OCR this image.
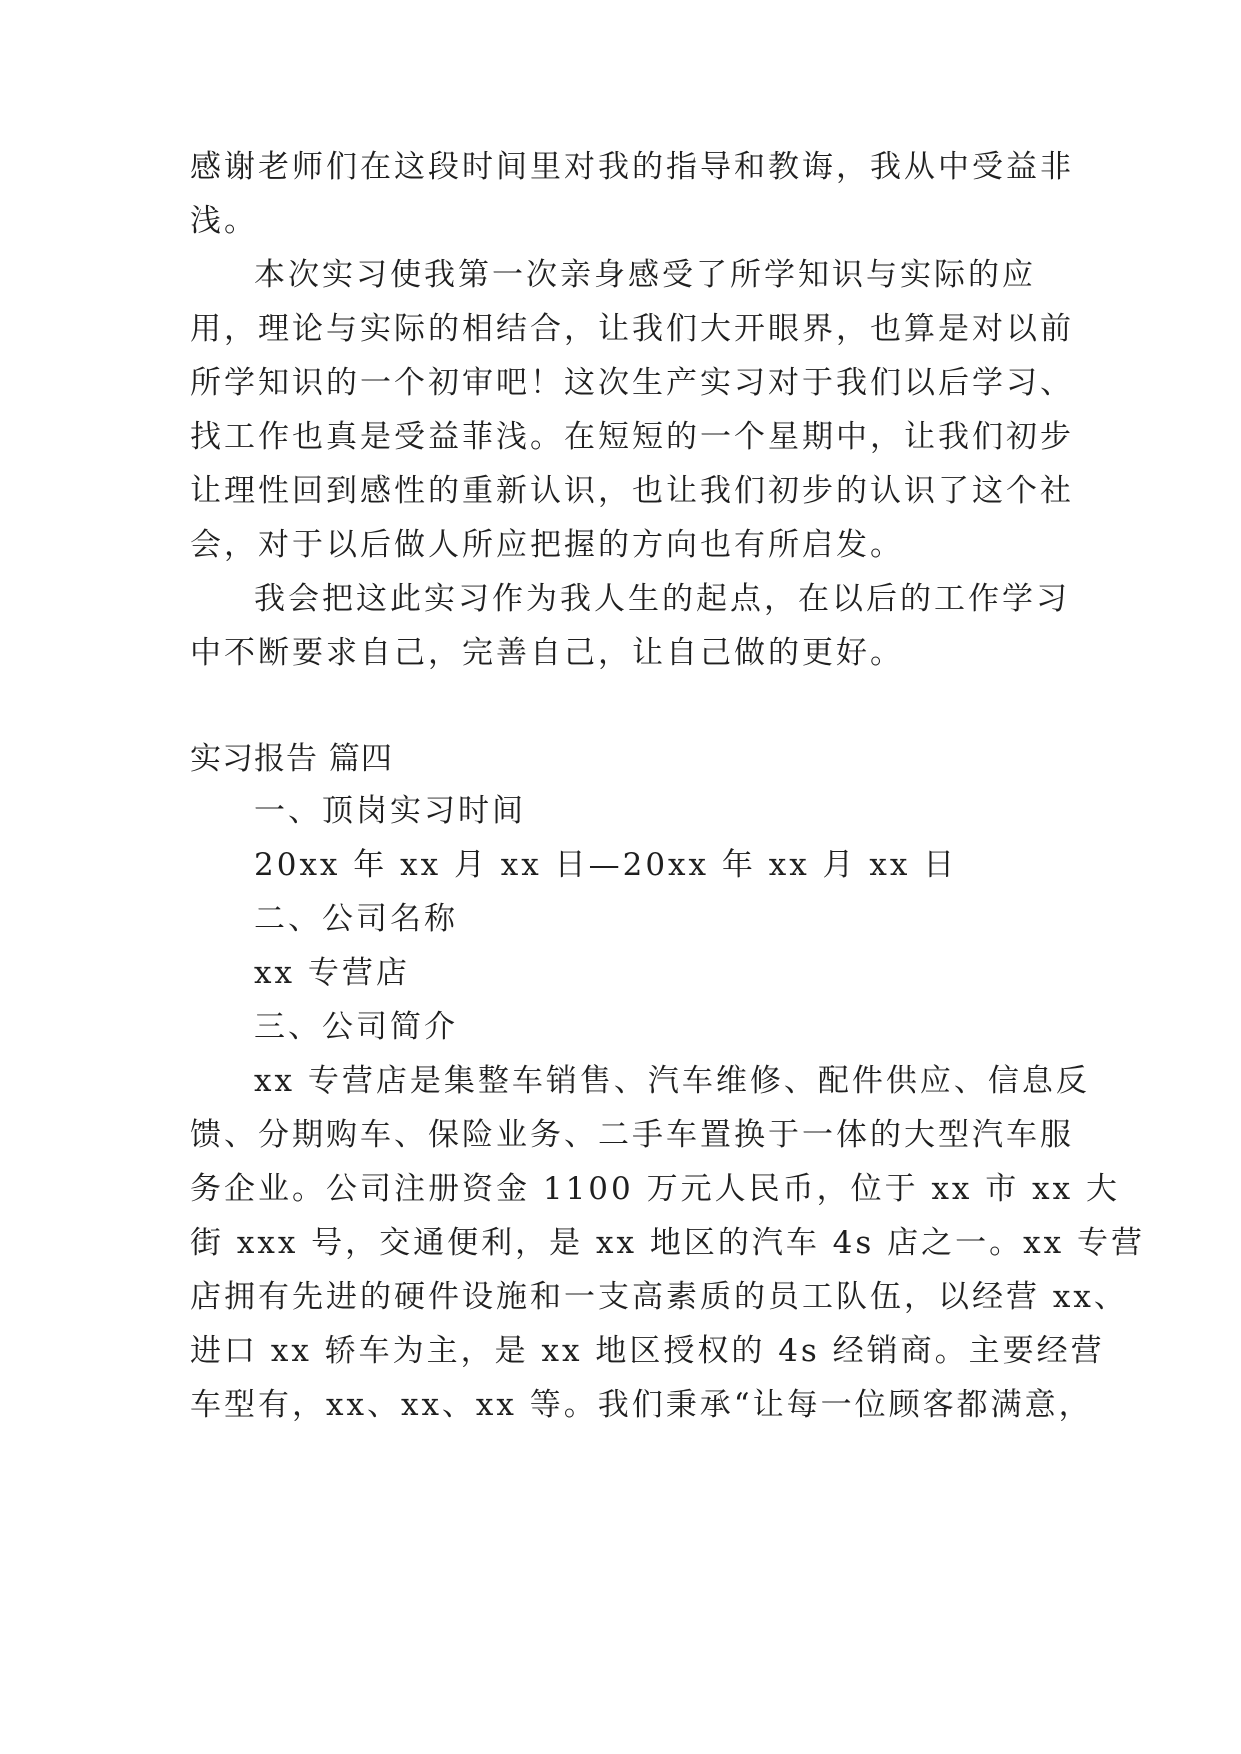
感谢老师们在这段时间里对我的指导和教诲，我从中受益非
浅。
本次实习使我第一次亲身感受了所学知识与实际的应
用，理论与实际的相结合，让我们大开眼界，也算是对以前
所学知识的一个初审吧！这次生产实习对于我们以后学习、
找工作也真是受益菲浅。在短短的一个星期中，让我们初步
让理性回到感性的重新认识，也让我们初步的认识了这个社
会，对于以后做人所应把握的方向也有所启发。
我会把这此实习作为我人生的起点，在以后的工作学习
中不断要求自己，完善自己，让自己做的更好。
实习报告 篇四
一、顶岗实习时间
20xx 年 xx 月 xx 日—20xx 年 xx 月 xx 日
二、公司名称
xx 专营店
三、公司简介
xx 专营店是集整车销售、汽车维修、配件供应、信息反
馈、分期购车、保险业务、二手车置换于一体的大型汽车服
务企业。公司注册资金 1100 万元人民币，位于 xx 市 xx 大
街 xxx 号，交通便利，是 xx 地区的汽车 4s 店之一。xx 专营
店拥有先进的硬件设施和一支高素质的员工队伍，以经营 xx、
进口 xx 轿车为主，是 xx 地区授权的 4s 经销商。主要经营
车型有，xx、xx、xx 等。我们秉承“让每一位顾客都满意，
